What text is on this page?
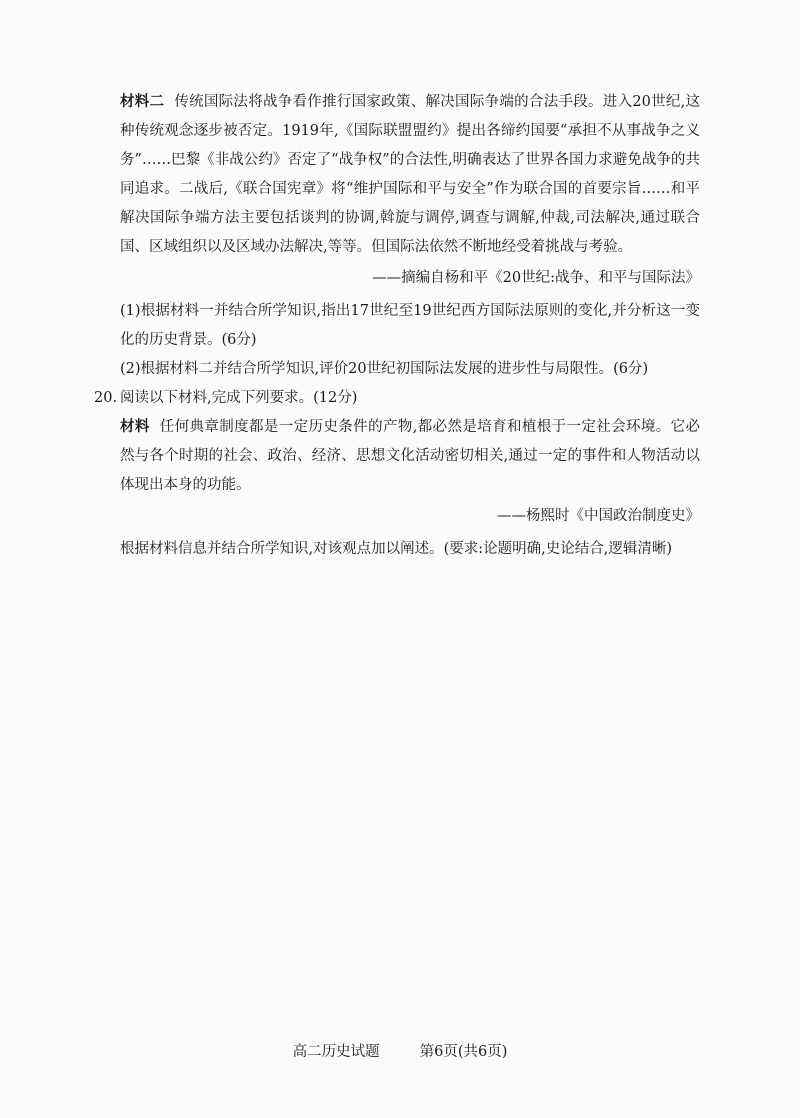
材料二 传统国际法将战争看作推行国家政策、解决国际争端的合法手段。进入20世纪,这种传统观念逐步被否定。1919年,《国际联盟盟约》提出各缔约国要“承担不从事战争之义务”……巴黎《非战公约》否定了“战争权”的合法性,明确表达了世界各国力求避免战争的共同追求。二战后,《联合国宪章》将“维护国际和平与安全”作为联合国的首要宗旨……和平解决国际争端方法主要包括谈判的协调,斡旋与调停,调查与调解,仲裁,司法解决,通过联合国、区域组织以及区域办法解决,等等。但国际法依然不断地经受着挑战与考验。

——摘编自杨和平《20世纪:战争、和平与国际法》

(1)根据材料一并结合所学知识,指出17世纪至19世纪西方国际法原则的变化,并分析这一变化的历史背景。(6分)

(2)根据材料二并结合所学知识,评价20世纪初国际法发展的进步性与局限性。(6分)

20. 阅读以下材料,完成下列要求。(12分)

材料 任何典章制度都是一定历史条件的产物,都必然是培育和植根于一定社会环境。它必然与各个时期的社会、政治、经济、思想文化活动密切相关,通过一定的事件和人物活动以体现出本身的功能。

——杨熙时《中国政治制度史》

根据材料信息并结合所学知识,对该观点加以阐述。(要求:论题明确,史论结合,逻辑清晰)

高二历史试题	第6页(共6页)
